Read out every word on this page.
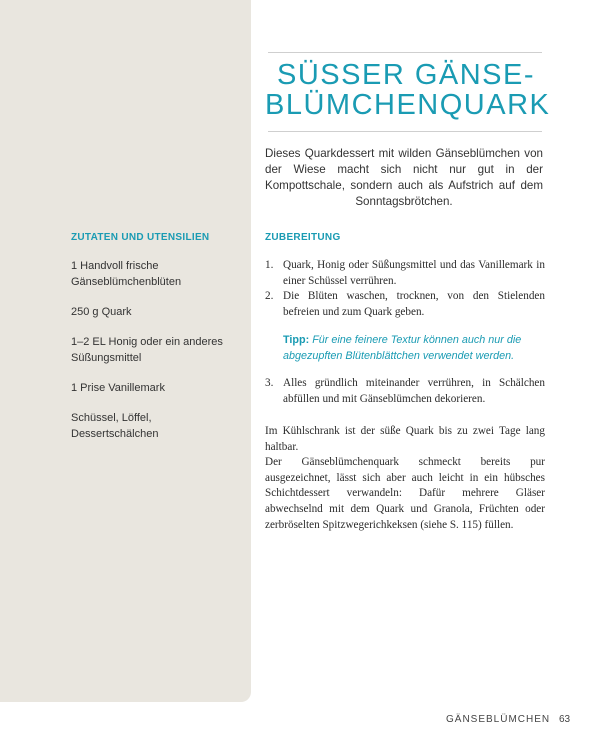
SÜSSER GÄNSE-
BLÜMCHENQUARK
Dieses Quarkdessert mit wilden Gänseblümchen von der Wiese macht sich nicht nur gut in der Kompottschale, sondern auch als Aufstrich auf dem Sonntagsbrötchen.
ZUTATEN UND UTENSILIEN	ZUBEREITUNG
1 Handvoll frische Gänseblümchenblüten
250 g Quark
1–2 EL Honig oder ein anderes Süßungsmittel
1 Prise Vanillemark
Schüssel, Löffel, Dessertschälchen
1. Quark, Honig oder Süßungsmittel und das Vanillemark in einer Schüssel verrühren.
2. Die Blüten waschen, trocknen, von den Stielenden befreien und zum Quark geben.
Tipp: Für eine feinere Textur können auch nur die abgezupften Blütenblättchen verwendet werden.
3. Alles gründlich miteinander verrühren, in Schälchen abfüllen und mit Gänseblümchen dekorieren.

Im Kühlschrank ist der süße Quark bis zu zwei Tage lang haltbar.

Der Gänseblümchenquark schmeckt bereits pur ausgezeichnet, lässt sich aber auch leicht in ein hübsches Schichtdessert verwandeln: Dafür mehrere Gläser abwechselnd mit dem Quark und Granola, Früchten oder zerbröselten Spitzwegerichkeksen (siehe S. 115) füllen.

GÄNSEBLÜMCHEN 63
